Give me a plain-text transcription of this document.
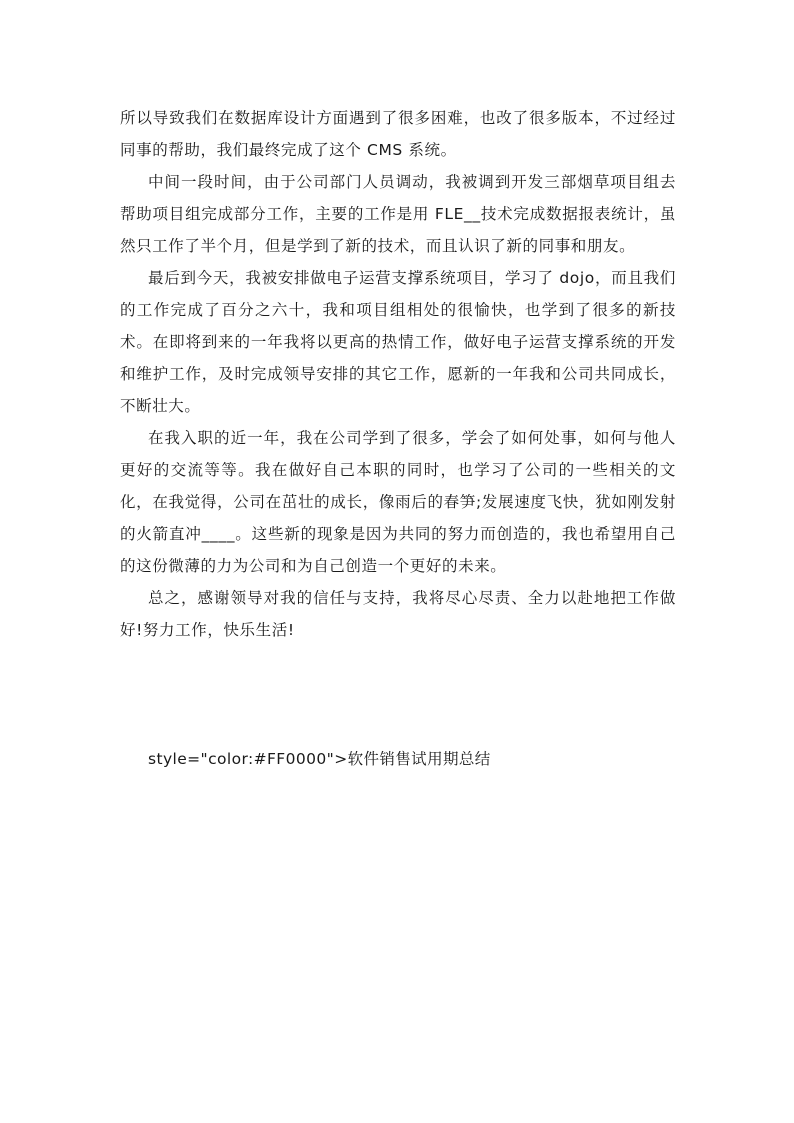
所以导致我们在数据库设计方面遇到了很多困难，也改了很多版本，不过经过同事的帮助，我们最终完成了这个 CMS 系统。

中间一段时间，由于公司部门人员调动，我被调到开发三部烟草项目组去帮助项目组完成部分工作，主要的工作是用 FLE__技术完成数据报表统计，虽然只工作了半个月，但是学到了新的技术，而且认识了新的同事和朋友。

最后到今天，我被安排做电子运营支撑系统项目，学习了 dojo，而且我们的工作完成了百分之六十，我和项目组相处的很愉快，也学到了很多的新技术。在即将到来的一年我将以更高的热情工作，做好电子运营支撑系统的开发和维护工作，及时完成领导安排的其它工作，愿新的一年我和公司共同成长，不断壮大。

在我入职的近一年，我在公司学到了很多，学会了如何处事，如何与他人更好的交流等等。我在做好自己本职的同时，也学习了公司的一些相关的文化，在我觉得，公司在茁壮的成长，像雨后的春笋;发展速度飞快，犹如刚发射的火箭直冲____。这些新的现象是因为共同的努力而创造的，我也希望用自己的这份微薄的力为公司和为自己创造一个更好的未来。

总之，感谢领导对我的信任与支持，我将尽心尽责、全力以赴地把工作做好!努力工作，快乐生活!

style="color:#FF0000">软件销售试用期总结
